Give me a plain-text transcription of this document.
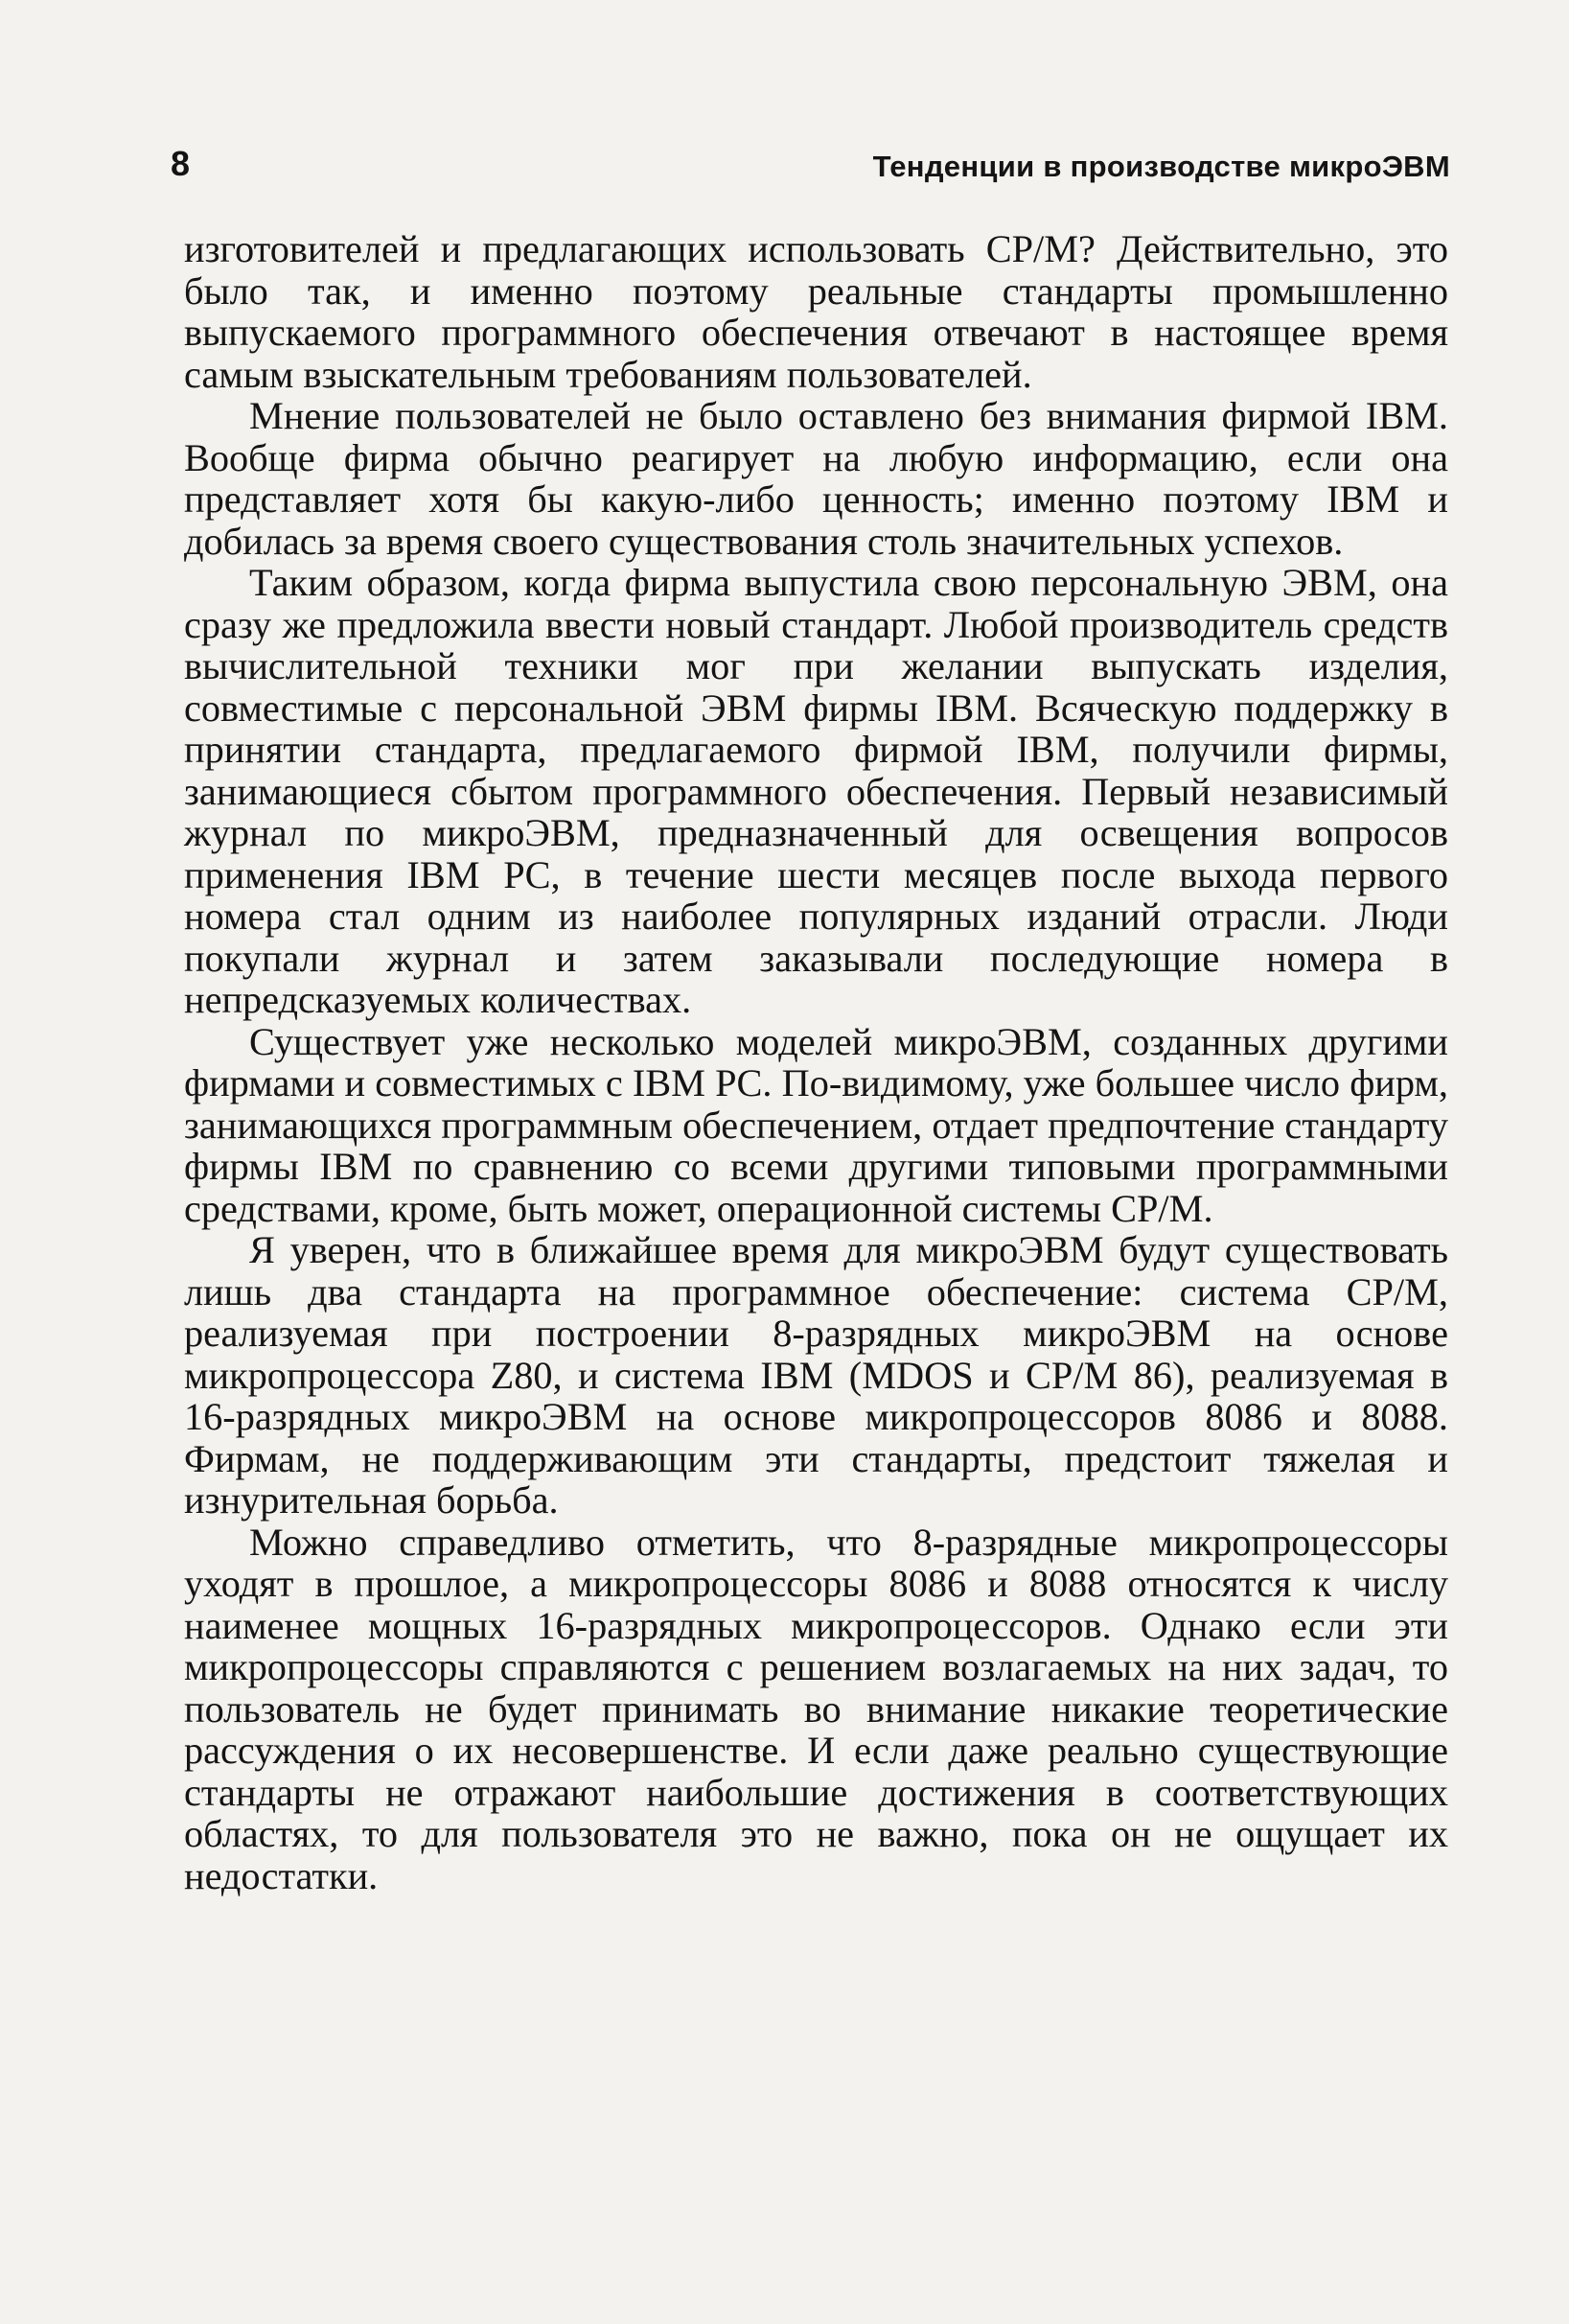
8	Тенденции в производстве микроЭВМ

изготовителей и предлагающих использовать CP/M? Действительно, это было так, и именно поэтому реальные стандарты промышленно выпускаемого программного обеспечения отвечают в настоящее время самым взыскательным требованиям пользователей.

Мнение пользователей не было оставлено без внимания фирмой IBM. Вообще фирма обычно реагирует на любую информацию, если она представляет хотя бы какую-либо ценность; именно поэтому IBM и добилась за время своего существования столь значительных успехов.

Таким образом, когда фирма выпустила свою персональную ЭВМ, она сразу же предложила ввести новый стандарт. Любой производитель средств вычислительной техники мог при желании выпускать изделия, совместимые с персональной ЭВМ фирмы IBM. Всяческую поддержку в принятии стандарта, предлагаемого фирмой IBM, получили фирмы, занимающиеся сбытом программного обеспечения. Первый независимый журнал по микроЭВМ, предназначенный для освещения вопросов применения IBM PC, в течение шести месяцев после выхода первого номера стал одним из наиболее популярных изданий отрасли. Люди покупали журнал и затем заказывали последующие номера в непредсказуемых количествах.

Существует уже несколько моделей микроЭВМ, созданных другими фирмами и совместимых с IBM PC. По-видимому, уже большее число фирм, занимающихся программным обеспечением, отдает предпочтение стандарту фирмы IBM по сравнению со всеми другими типовыми программными средствами, кроме, быть может, операционной системы CP/M.

Я уверен, что в ближайшее время для микроЭВМ будут существовать лишь два стандарта на программное обеспечение: система CP/M, реализуемая при построении 8-разрядных микроЭВМ на основе микропроцессора Z80, и система IBM (MDOS и CP/M 86), реализуемая в 16-разрядных микроЭВМ на основе микропроцессоров 8086 и 8088. Фирмам, не поддерживающим эти стандарты, предстоит тяжелая и изнурительная борьба.

Можно справедливо отметить, что 8-разрядные микропроцессоры уходят в прошлое, а микропроцессоры 8086 и 8088 относятся к числу наименее мощных 16-разрядных микропроцессоров. Однако если эти микропроцессоры справляются с решением возлагаемых на них задач, то пользователь не будет принимать во внимание никакие теоретические рассуждения о их несовершенстве. И если даже реально существующие стандарты не отражают наибольшие достижения в соответствующих областях, то для пользователя это не важно, пока он не ощущает их недостатки.
